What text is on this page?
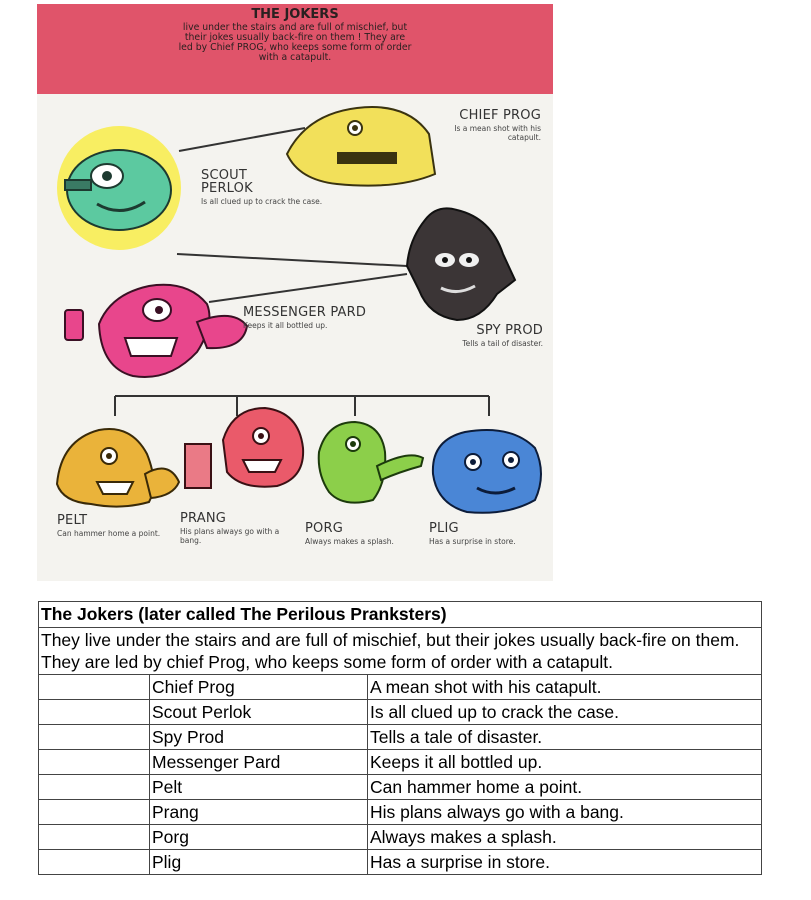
THE JOKERS
live under the stairs and are full of mischief, but their jokes usually back-fire on them ! They are led by Chief PROG, who keeps some form of order with a catapult.
CHIEF PROG
Is a mean shot with his catapult.
SCOUT PERLOK
Is all clued up to crack the case.
SPY PROD
Tells a tail of disaster.
MESSENGER PARD
Keeps it all bottled up.
PELT
Can hammer home a point.
PRANG
His plans always go with a bang.
PORG
Always makes a splash.
PLIG
Has a surprise in store.
The Jokers (later called The Perilous Pranksters)		
They live under the stairs and are full of mischief, but their jokes usually back-fire on them. They are led by chief Prog, who keeps some form of order with a catapult.		
	Chief Prog	A mean shot with his catapult.
	Scout Perlok	Is all clued up to crack the case.
	Spy Prod	Tells a tale of disaster.
	Messenger Pard	Keeps it all bottled up.
	Pelt	Can hammer home a point.
	Prang	His plans always go with a bang.
	Porg	Always makes a splash.
	Plig	Has a surprise in store.
